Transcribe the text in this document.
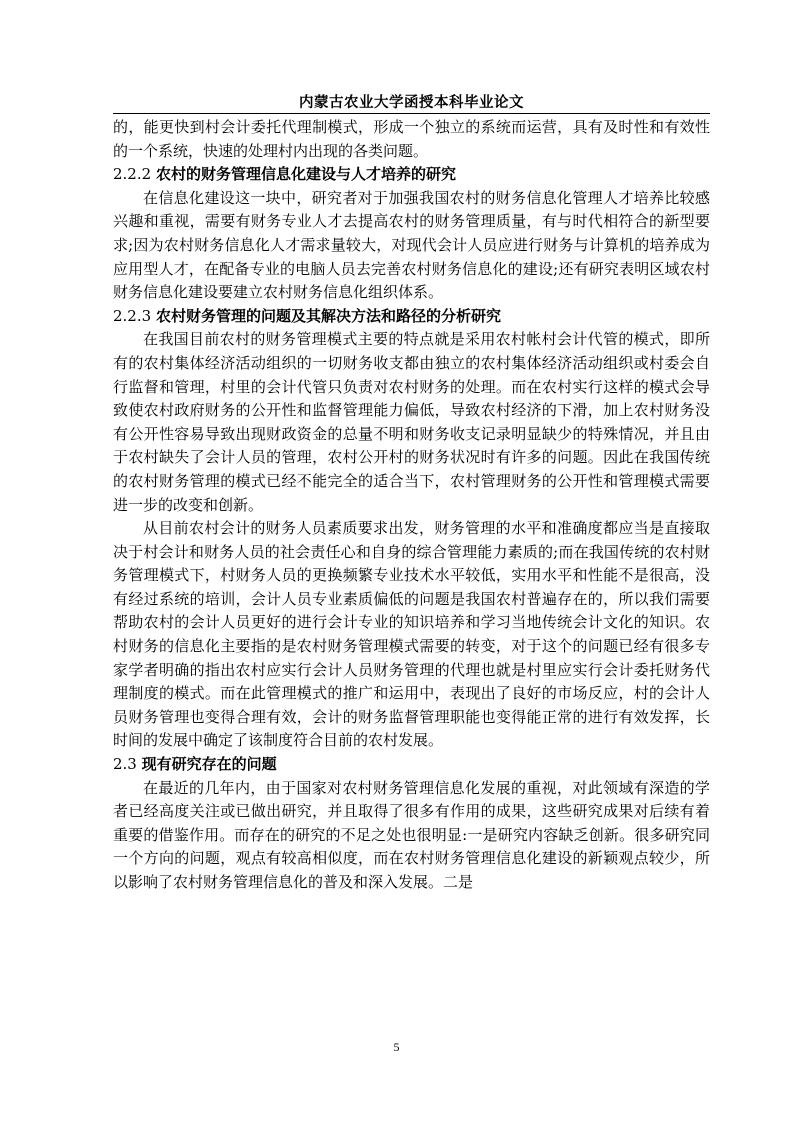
内蒙古农业大学函授本科毕业论文

的，能更快到村会计委托代理制模式，形成一个独立的系统而运营，具有及时性和有效性的一个系统，快速的处理村内出现的各类问题。

2.2.2 农村的财务管理信息化建设与人才培养的研究

在信息化建设这一块中，研究者对于加强我国农村的财务信息化管理人才培养比较感兴趣和重视，需要有财务专业人才去提高农村的财务管理质量，有与时代相符合的新型要求;因为农村财务信息化人才需求量较大，对现代会计人员应进行财务与计算机的培养成为应用型人才，在配备专业的电脑人员去完善农村财务信息化的建设;还有研究表明区域农村财务信息化建设要建立农村财务信息化组织体系。

2.2.3 农村财务管理的问题及其解决方法和路径的分析研究

在我国目前农村的财务管理模式主要的特点就是采用农村帐村会计代管的模式，即所有的农村集体经济活动组织的一切财务收支都由独立的农村集体经济活动组织或村委会自行监督和管理，村里的会计代管只负责对农村财务的处理。而在农村实行这样的模式会导致使农村政府财务的公开性和监督管理能力偏低，导致农村经济的下滑，加上农村财务没有公开性容易导致出现财政资金的总量不明和财务收支记录明显缺少的特殊情况，并且由于农村缺失了会计人员的管理，农村公开村的财务状况时有许多的问题。因此在我国传统的农村财务管理的模式已经不能完全的适合当下，农村管理财务的公开性和管理模式需要进一步的改变和创新。

从目前农村会计的财务人员素质要求出发，财务管理的水平和准确度都应当是直接取决于村会计和财务人员的社会责任心和自身的综合管理能力素质的;而在我国传统的农村财务管理模式下，村财务人员的更换频繁专业技术水平较低，实用水平和性能不是很高，没有经过系统的培训，会计人员专业素质偏低的问题是我国农村普遍存在的，所以我们需要帮助农村的会计人员更好的进行会计专业的知识培养和学习当地传统会计文化的知识。农村财务的信息化主要指的是农村财务管理模式需要的转变，对于这个的问题已经有很多专家学者明确的指出农村应实行会计人员财务管理的代理也就是村里应实行会计委托财务代理制度的模式。而在此管理模式的推广和运用中，表现出了良好的市场反应，村的会计人员财务管理也变得合理有效，会计的财务监督管理职能也变得能正常的进行有效发挥，长时间的发展中确定了该制度符合目前的农村发展。

2.3 现有研究存在的问题

在最近的几年内，由于国家对农村财务管理信息化发展的重视，对此领域有深造的学者已经高度关注或已做出研究，并且取得了很多有作用的成果，这些研究成果对后续有着重要的借鉴作用。而存在的研究的不足之处也很明显:一是研究内容缺乏创新。很多研究同一个方向的问题，观点有较高相似度，而在农村财务管理信息化建设的新颖观点较少，所以影响了农村财务管理信息化的普及和深入发展。二是

5
